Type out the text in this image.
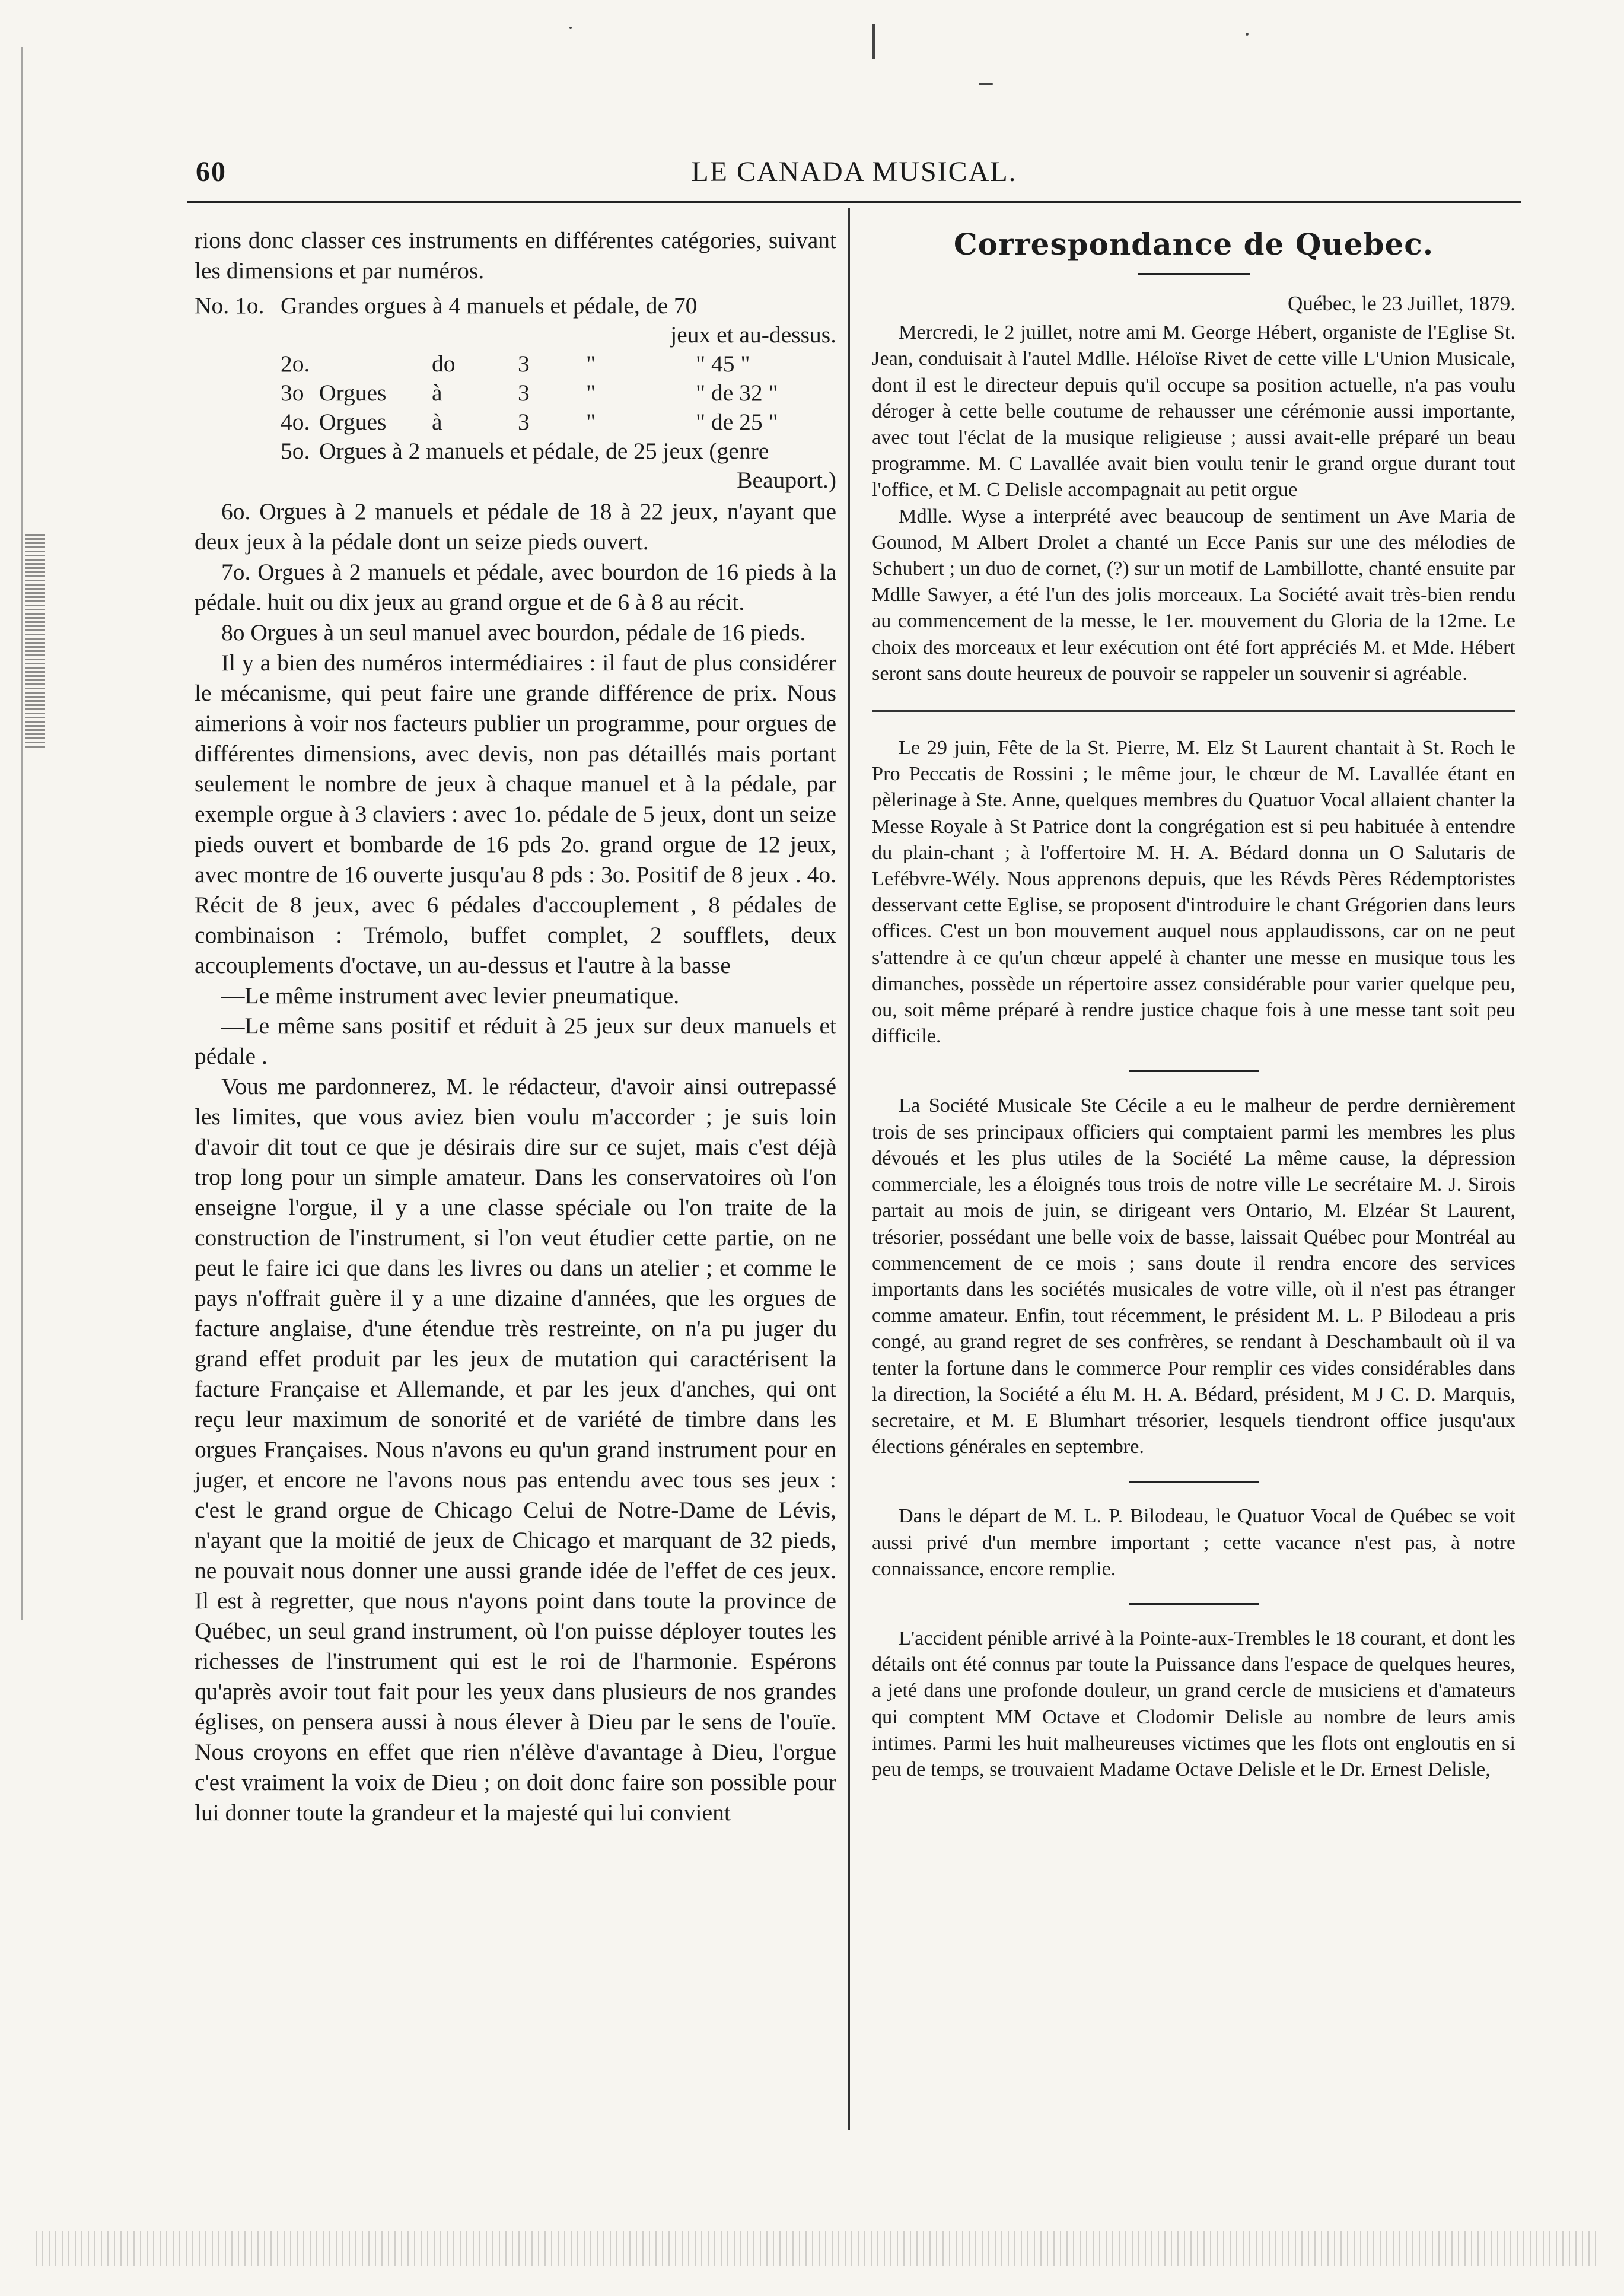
60	LE CANADA MUSICAL.

rions donc classer ces instruments en différentes catégories, suivant les dimensions et par numéros.

No. 1o. Grandes orgues à 4 manuels et pédale, de 70
jeux et au-dessus.
2o.	do	3 "	" 45 "
3o Orgues à	3 "	" de 32 "
4o. Orgues à	3 "	" de 25 "
5o. Orgues à 2 manuels et pédale, de 25 jeux (genre
Beauport.)

6o. Orgues à 2 manuels et pédale de 18 à 22 jeux, n'ayant que deux jeux à la pédale dont un seize pieds ouvert.

7o. Orgues à 2 manuels et pédale, avec bourdon de 16 pieds à la pédale. huit ou dix jeux au grand orgue et de 6 à 8 au récit.

8o Orgues à un seul manuel avec bourdon, pédale de 16 pieds.

Il y a bien des numéros intermédiaires : il faut de plus considérer le mécanisme, qui peut faire une grande différence de prix. Nous aimerions à voir nos facteurs publier un programme, pour orgues de différentes dimensions, avec devis, non pas détaillés mais portant seulement le nombre de jeux à chaque manuel et à la pédale, par exemple orgue à 3 claviers : avec 1o. pédale de 5 jeux, dont un seize pieds ouvert et bombarde de 16 pds 2o. grand orgue de 12 jeux, avec montre de 16 ouverte jusqu'au 8 pds : 3o. Positif de 8 jeux . 4o. Récit de 8 jeux, avec 6 pédales d'accouplement , 8 pédales de combinaison : Trémolo, buffet complet, 2 soufflets, deux accouplements d'octave, un au-dessus et l'autre à la basse

—Le même instrument avec levier pneumatique.

—Le même sans positif et réduit à 25 jeux sur deux manuels et pédale .

Vous me pardonnerez, M. le rédacteur, d'avoir ainsi outrepassé les limites, que vous aviez bien voulu m'accorder ; je suis loin d'avoir dit tout ce que je désirais dire sur ce sujet, mais c'est déjà trop long pour un simple amateur. Dans les conservatoires où l'on enseigne l'orgue, il y a une classe spéciale ou l'on traite de la construction de l'instrument, si l'on veut étudier cette partie, on ne peut le faire ici que dans les livres ou dans un atelier ; et comme le pays n'offrait guère il y a une dizaine d'années, que les orgues de facture anglaise, d'une étendue très restreinte, on n'a pu juger du grand effet produit par les jeux de mutation qui caractérisent la facture Française et Allemande, et par les jeux d'anches, qui ont reçu leur maximum de sonorité et de variété de timbre dans les orgues Françaises. Nous n'avons eu qu'un grand instrument pour en juger, et encore ne l'avons nous pas entendu avec tous ses jeux : c'est le grand orgue de Chicago Celui de Notre-Dame de Lévis, n'ayant que la moitié de jeux de Chicago et marquant de 32 pieds, ne pouvait nous donner une aussi grande idée de l'effet de ces jeux. Il est à regretter, que nous n'ayons point dans toute la province de Québec, un seul grand instrument, où l'on puisse déployer toutes les richesses de l'instrument qui est le roi de l'harmonie. Espérons qu'après avoir tout fait pour les yeux dans plusieurs de nos grandes églises, on pensera aussi à nous élever à Dieu par le sens de l'ouïe. Nous croyons en effet que rien n'élève d'avantage à Dieu, l'orgue c'est vraiment la voix de Dieu ; on doit donc faire son possible pour lui donner toute la grandeur et la majesté qui lui convient

Correspondance de Quebec.
Québec, le 23 Juillet, 1879.

Mercredi, le 2 juillet, notre ami M. George Hébert, organiste de l'Eglise St. Jean, conduisait à l'autel Mdlle. Héloïse Rivet de cette ville L'Union Musicale, dont il est le directeur depuis qu'il occupe sa position actuelle, n'a pas voulu déroger à cette belle coutume de rehausser une cérémonie aussi importante, avec tout l'éclat de la musique religieuse ; aussi avait-elle préparé un beau programme. M. C Lavallée avait bien voulu tenir le grand orgue durant tout l'office, et M. C Delisle accompagnait au petit orgue

Mdlle. Wyse a interprété avec beaucoup de sentiment un Ave Maria de Gounod, M Albert Drolet a chanté un Ecce Panis sur une des mélodies de Schubert ; un duo de cornet, (?) sur un motif de Lambillotte, chanté ensuite par Mdlle Sawyer, a été l'un des jolis morceaux. La Société avait très-bien rendu au commencement de la messe, le 1er. mouvement du Gloria de la 12me. Le choix des morceaux et leur exécution ont été fort appréciés M. et Mde. Hébert seront sans doute heureux de pouvoir se rappeler un souvenir si agréable.

Le 29 juin, Fête de la St. Pierre, M. Elz St Laurent chantait à St. Roch le Pro Peccatis de Rossini ; le même jour, le chœur de M. Lavallée étant en pèlerinage à Ste. Anne, quelques membres du Quatuor Vocal allaient chanter la Messe Royale à St Patrice dont la congrégation est si peu habituée à entendre du plain-chant ; à l'offertoire M. H. A. Bédard donna un O Salutaris de Lefébvre-Wély. Nous apprenons depuis, que les Révds Pères Rédemptoristes desservant cette Eglise, se proposent d'introduire le chant Grégorien dans leurs offices. C'est un bon mouvement auquel nous applaudissons, car on ne peut s'attendre à ce qu'un chœur appelé à chanter une messe en musique tous les dimanches, possède un répertoire assez considérable pour varier quelque peu, ou, soit même préparé à rendre justice chaque fois à une messe tant soit peu difficile.

La Société Musicale Ste Cécile a eu le malheur de perdre dernièrement trois de ses principaux officiers qui comptaient parmi les membres les plus dévoués et les plus utiles de la Société La même cause, la dépression commerciale, les a éloignés tous trois de notre ville Le secrétaire M. J. Sirois partait au mois de juin, se dirigeant vers Ontario, M. Elzéar St Laurent, trésorier, possédant une belle voix de basse, laissait Québec pour Montréal au commencement de ce mois ; sans doute il rendra encore des services importants dans les sociétés musicales de votre ville, où il n'est pas étranger comme amateur. Enfin, tout récemment, le président M. L. P Bilodeau a pris congé, au grand regret de ses confrères, se rendant à Deschambault où il va tenter la fortune dans le commerce Pour remplir ces vides considérables dans la direction, la Société a élu M. H. A. Bédard, président, M J C. D. Marquis, secretaire, et M. E Blumhart trésorier, lesquels tiendront office jusqu'aux élections générales en septembre.

Dans le départ de M. L. P. Bilodeau, le Quatuor Vocal de Québec se voit aussi privé d'un membre important ; cette vacance n'est pas, à notre connaissance, encore remplie.

L'accident pénible arrivé à la Pointe-aux-Trembles le 18 courant, et dont les détails ont été connus par toute la Puissance dans l'espace de quelques heures, a jeté dans une profonde douleur, un grand cercle de musiciens et d'amateurs qui comptent MM Octave et Clodomir Delisle au nombre de leurs amis intimes. Parmi les huit malheureuses victimes que les flots ont engloutis en si peu de temps, se trouvaient Madame Octave Delisle et le Dr. Ernest Delisle,
